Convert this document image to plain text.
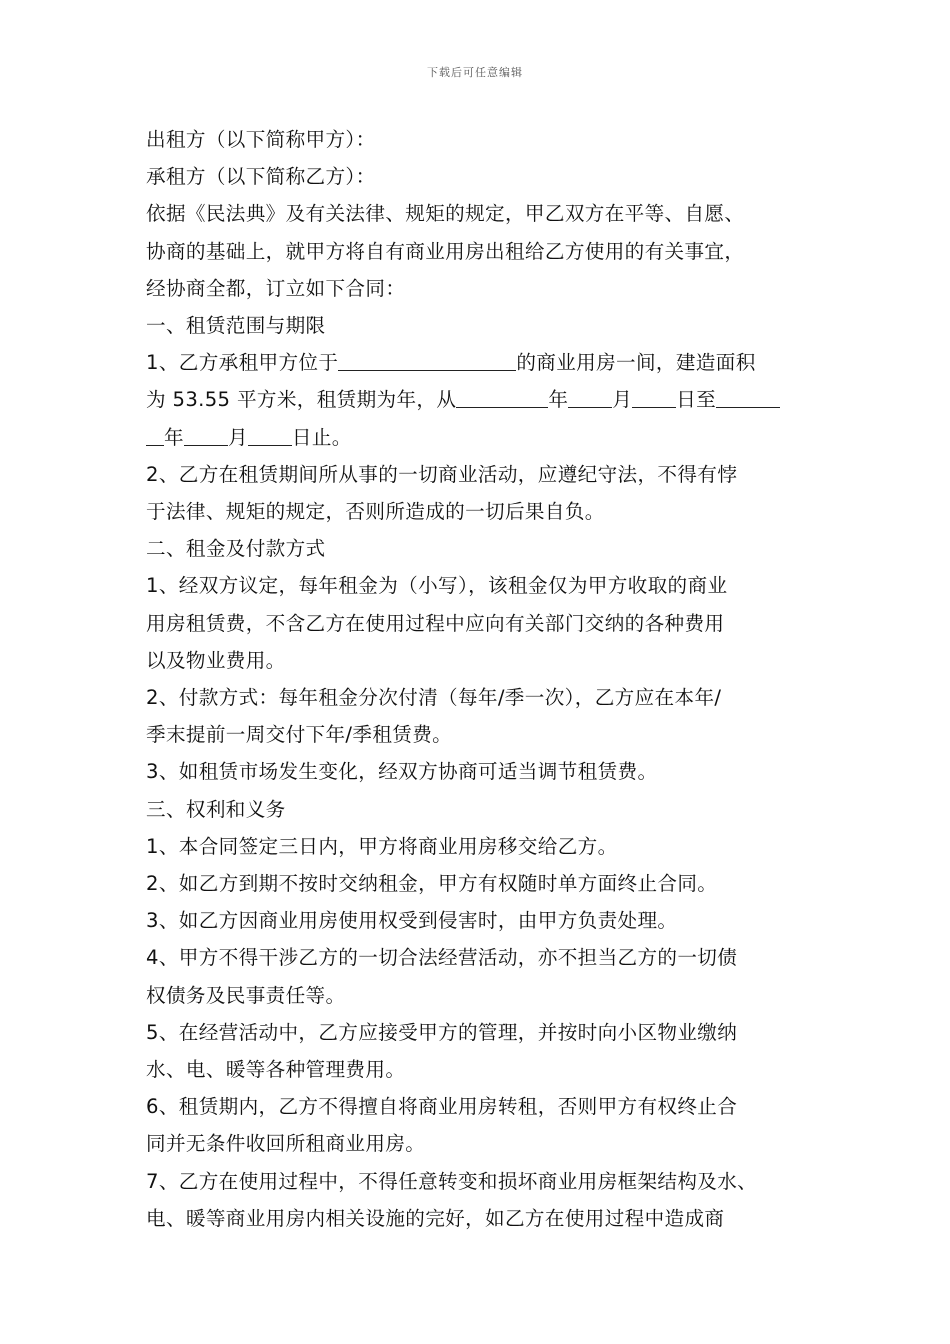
下载后可任意编辑
出租方（以下简称甲方）：
承租方（以下简称乙方）：
依据《民法典》及有关法律、规矩的规定，甲乙双方在平等、自愿、
协商的基础上，就甲方将自有商业用房出租给乙方使用的有关事宜，
经协商全都，订立如下合同：
一、租赁范围与期限
1、乙方承租甲方位于	的商业用房一间，建造面积
为 53.55 平方米，租赁期为年，从	年 月 日至
年 月 日止。
2、乙方在租赁期间所从事的一切商业活动，应遵纪守法，不得有悖
于法律、规矩的规定，否则所造成的一切后果自负。
二、租金及付款方式
1、经双方议定，每年租金为（小写），该租金仅为甲方收取的商业
用房租赁费，不含乙方在使用过程中应向有关部门交纳的各种费用
以及物业费用。
2、付款方式：每年租金分次付清（每年/季一次），乙方应在本年/
季末提前一周交付下年/季租赁费。
3、如租赁市场发生变化，经双方协商可适当调节租赁费。
三、权利和义务
1、本合同签定三日内，甲方将商业用房移交给乙方。
2、如乙方到期不按时交纳租金，甲方有权随时单方面终止合同。
3、如乙方因商业用房使用权受到侵害时，由甲方负责处理。
4、甲方不得干涉乙方的一切合法经营活动，亦不担当乙方的一切债
权债务及民事责任等。
5、在经营活动中，乙方应接受甲方的管理，并按时向小区物业缴纳
水、电、暖等各种管理费用。
6、租赁期内，乙方不得擅自将商业用房转租，否则甲方有权终止合
同并无条件收回所租商业用房。
7、乙方在使用过程中，不得任意转变和损坏商业用房框架结构及水、
电、暖等商业用房内相关设施的完好，如乙方在使用过程中造成商
